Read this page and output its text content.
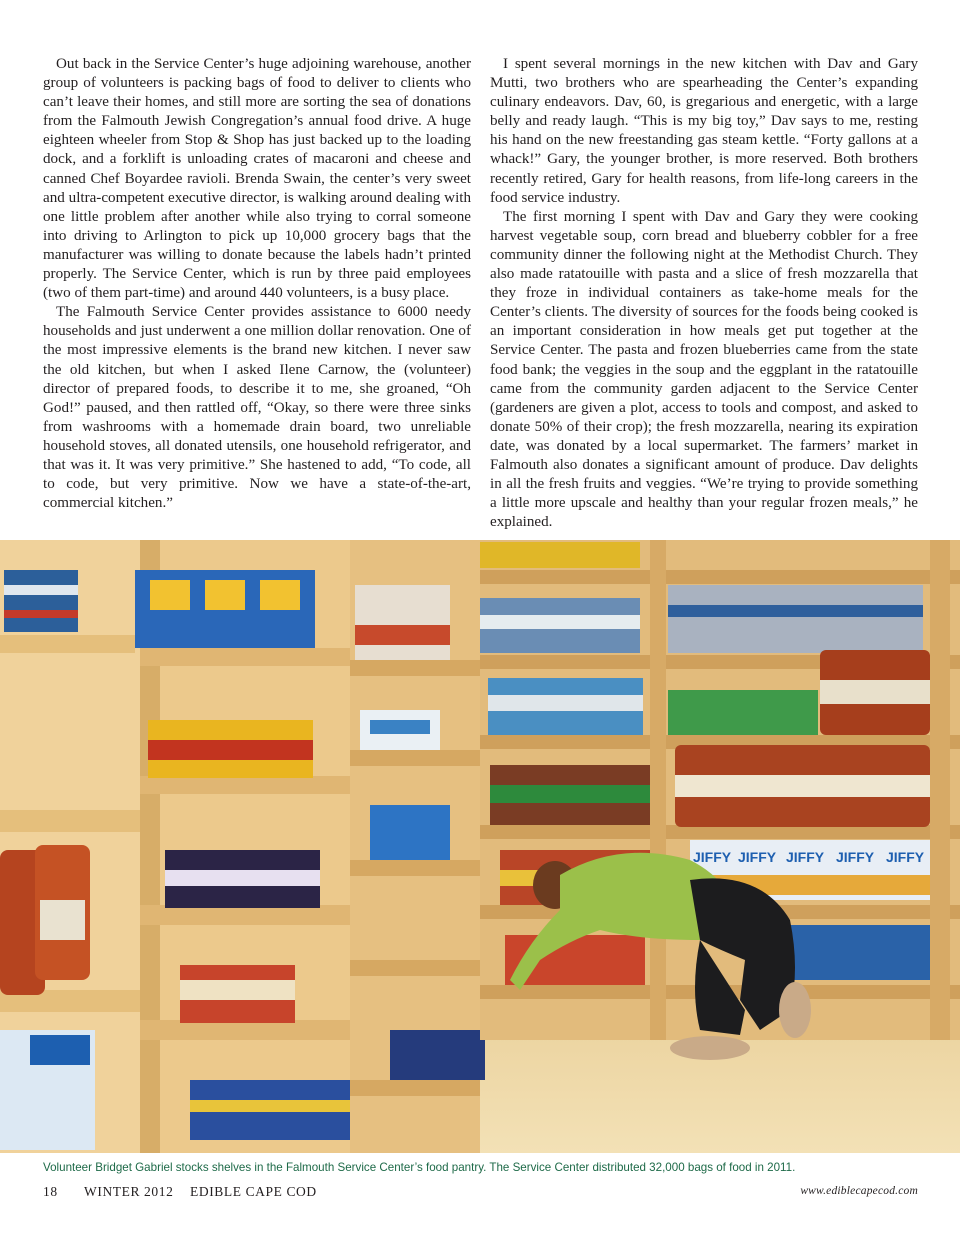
Out back in the Service Center’s huge adjoining warehouse, another group of volunteers is packing bags of food to deliver to clients who can’t leave their homes, and still more are sorting the sea of donations from the Falmouth Jewish Congregation’s annual food drive. A huge eighteen wheeler from Stop & Shop has just backed up to the loading dock, and a forklift is unloading crates of macaroni and cheese and canned Chef Boyardee ravioli. Brenda Swain, the center’s very sweet and ultra-competent executive director, is walking around dealing with one little problem after another while also trying to corral someone into driving to Arlington to pick up 10,000 grocery bags that the manufacturer was willing to donate because the labels hadn’t printed properly. The Service Center, which is run by three paid employees (two of them part-time) and around 440 volunteers, is a busy place.

The Falmouth Service Center provides assistance to 6000 needy households and just underwent a one million dollar renovation. One of the most impressive elements is the brand new kitchen. I never saw the old kitchen, but when I asked Ilene Carnow, the (volunteer) director of prepared foods, to describe it to me, she groaned, “Oh God!” paused, and then rattled off, “Okay, so there were three sinks from washrooms with a homemade drain board, two unreliable household stoves, all donated utensils, one household refrigerator, and that was it. It was very primitive.” She hastened to add, “To code, all to code, but very primitive. Now we have a state-of-the-art, commercial kitchen.”

I spent several mornings in the new kitchen with Dav and Gary Mutti, two brothers who are spearheading the Center’s expanding culinary endeavors. Dav, 60, is gregarious and energetic, with a large belly and ready laugh. “This is my big toy,” Dav says to me, resting his hand on the new freestanding gas steam kettle. “Forty gallons at a whack!” Gary, the younger brother, is more reserved. Both brothers recently retired, Gary for health reasons, from life-long careers in the food service industry.

The first morning I spent with Dav and Gary they were cooking harvest vegetable soup, corn bread and blueberry cobbler for a free community dinner the following night at the Methodist Church. They also made ratatouille with pasta and a slice of fresh mozzarella that they froze in individual containers as take-home meals for the Center’s clients. The diversity of sources for the foods being cooked is an important consideration in how meals get put together at the Service Center. The pasta and frozen blueberries came from the state food bank; the veggies in the soup and the eggplant in the ratatouille came from the community garden adjacent to the Service Center (gardeners are given a plot, access to tools and compost, and asked to donate 50% of their crop); the fresh mozzarella, nearing its expiration date, was donated by a local supermarket. The farmers’ market in Falmouth also donates a significant amount of produce. Dav delights in all the fresh fruits and veggies. “We’re trying to provide something a little more upscale and healthy than your regular frozen meals,” he explained.

JIFFY JIFFY JIFFY JIFFY JIFFY
Volunteer Bridget Gabriel stocks shelves in the Falmouth Service Center’s food pantry. The Service Center distributed 32,000 bags of food in 2011.
18 WINTER 2012 EDIBLE CAPE COD	www.ediblecapecod.com
